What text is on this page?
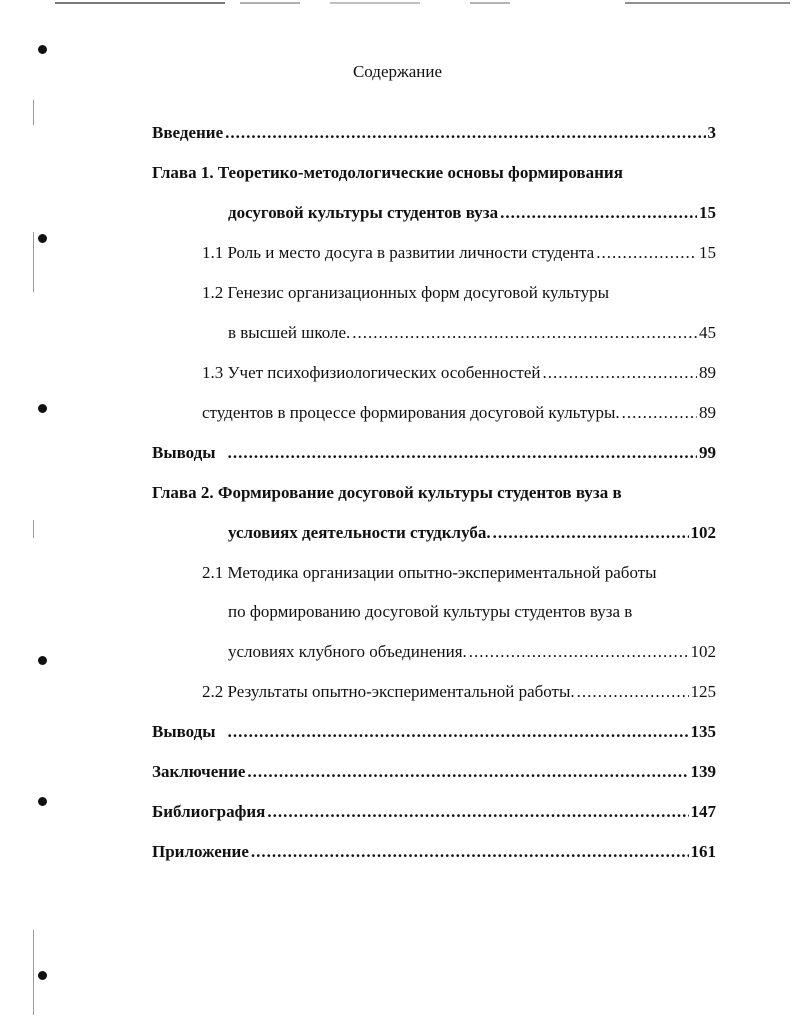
Содержание
Введение .....	3
Глава 1. Теоретико-методологические основы формирования
досуговой культуры студентов вуза .....	15
1.1 Роль и место досуга в развитии личности студента .....	15
1.2 Генезис организационных форм досуговой культуры
в высшей школе. .....	45
1.3 Учет психофизиологических особенностей .....	89
студентов в процессе формирования досуговой культуры. .....	89
Выводы .....	99
Глава 2. Формирование досуговой культуры студентов вуза в
условиях деятельности студклуба. .....	102
2.1 Методика организации опытно-экспериментальной работы
по формированию досуговой культуры студентов вуза в
условиях клубного объединения. .....	102
2.2 Результаты опытно-экспериментальной работы. .....	125
Выводы .....	135
Заключение .....	139
Библиография .....	147
Приложение .....	161
